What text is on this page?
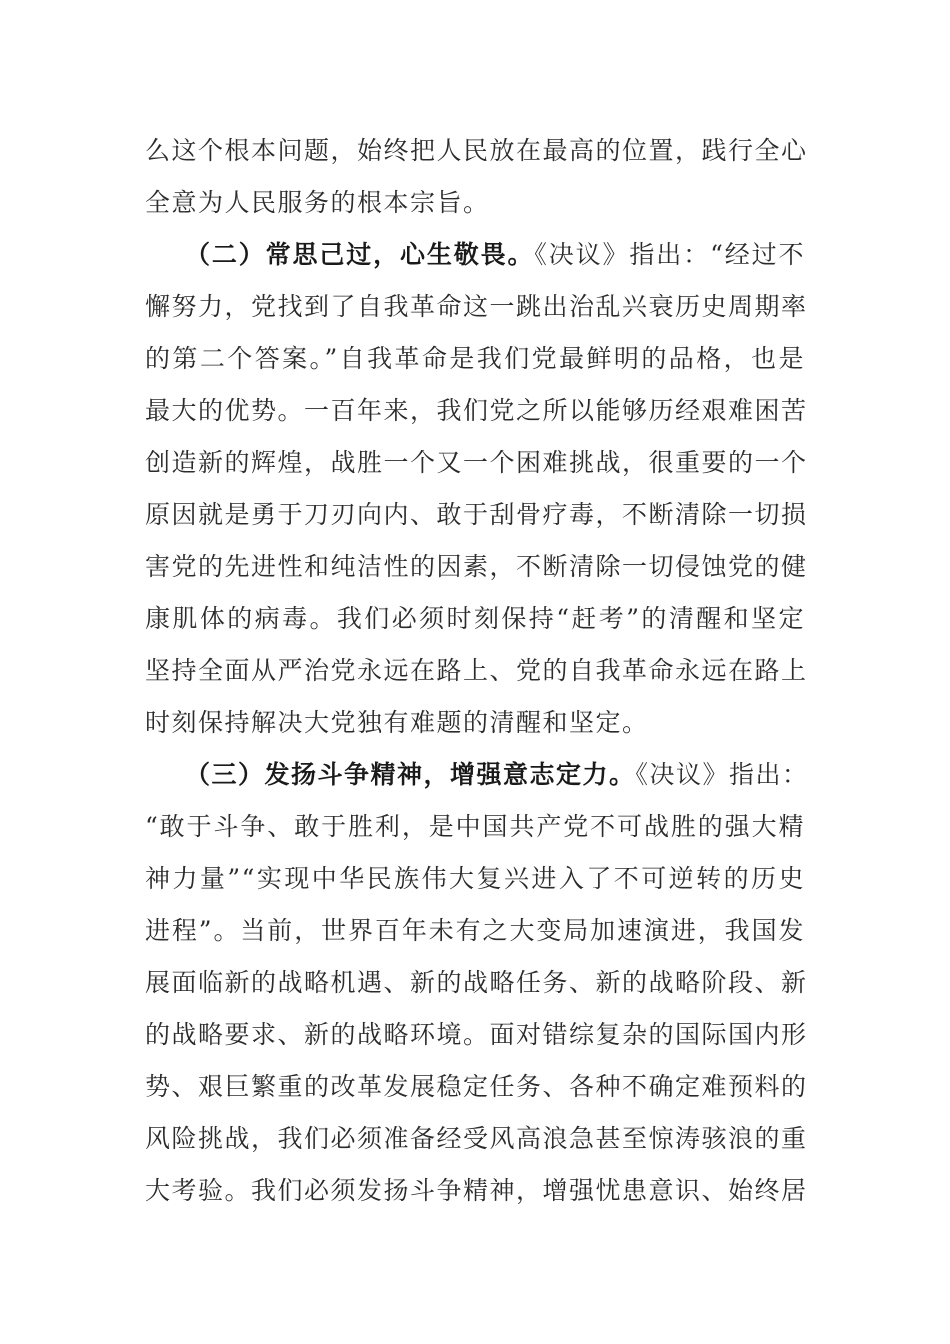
么这个根本问题，始终把人民放在最高的位置，践行全心
全意为人民服务的根本宗旨。
（二）常思己过，心生敬畏。《决议》指出：“经过不
懈努力，党找到了自我革命这一跳出治乱兴衰历史周期率
的第二个答案。”自我革命是我们党最鲜明的品格，也是
最大的优势。一百年来，我们党之所以能够历经艰难困苦
创造新的辉煌，战胜一个又一个困难挑战，很重要的一个
原因就是勇于刀刃向内、敢于刮骨疗毒，不断清除一切损
害党的先进性和纯洁性的因素，不断清除一切侵蚀党的健
康肌体的病毒。我们必须时刻保持“赶考”的清醒和坚定
坚持全面从严治党永远在路上、党的自我革命永远在路上
时刻保持解决大党独有难题的清醒和坚定。
（三）发扬斗争精神，增强意志定力。《决议》指出：
“敢于斗争、敢于胜利，是中国共产党不可战胜的强大精
神力量”“实现中华民族伟大复兴进入了不可逆转的历史
进程”。当前，世界百年未有之大变局加速演进，我国发
展面临新的战略机遇、新的战略任务、新的战略阶段、新
的战略要求、新的战略环境。面对错综复杂的国际国内形
势、艰巨繁重的改革发展稳定任务、各种不确定难预料的
风险挑战，我们必须准备经受风高浪急甚至惊涛骇浪的重
大考验。我们必须发扬斗争精神，增强忧患意识、始终居
